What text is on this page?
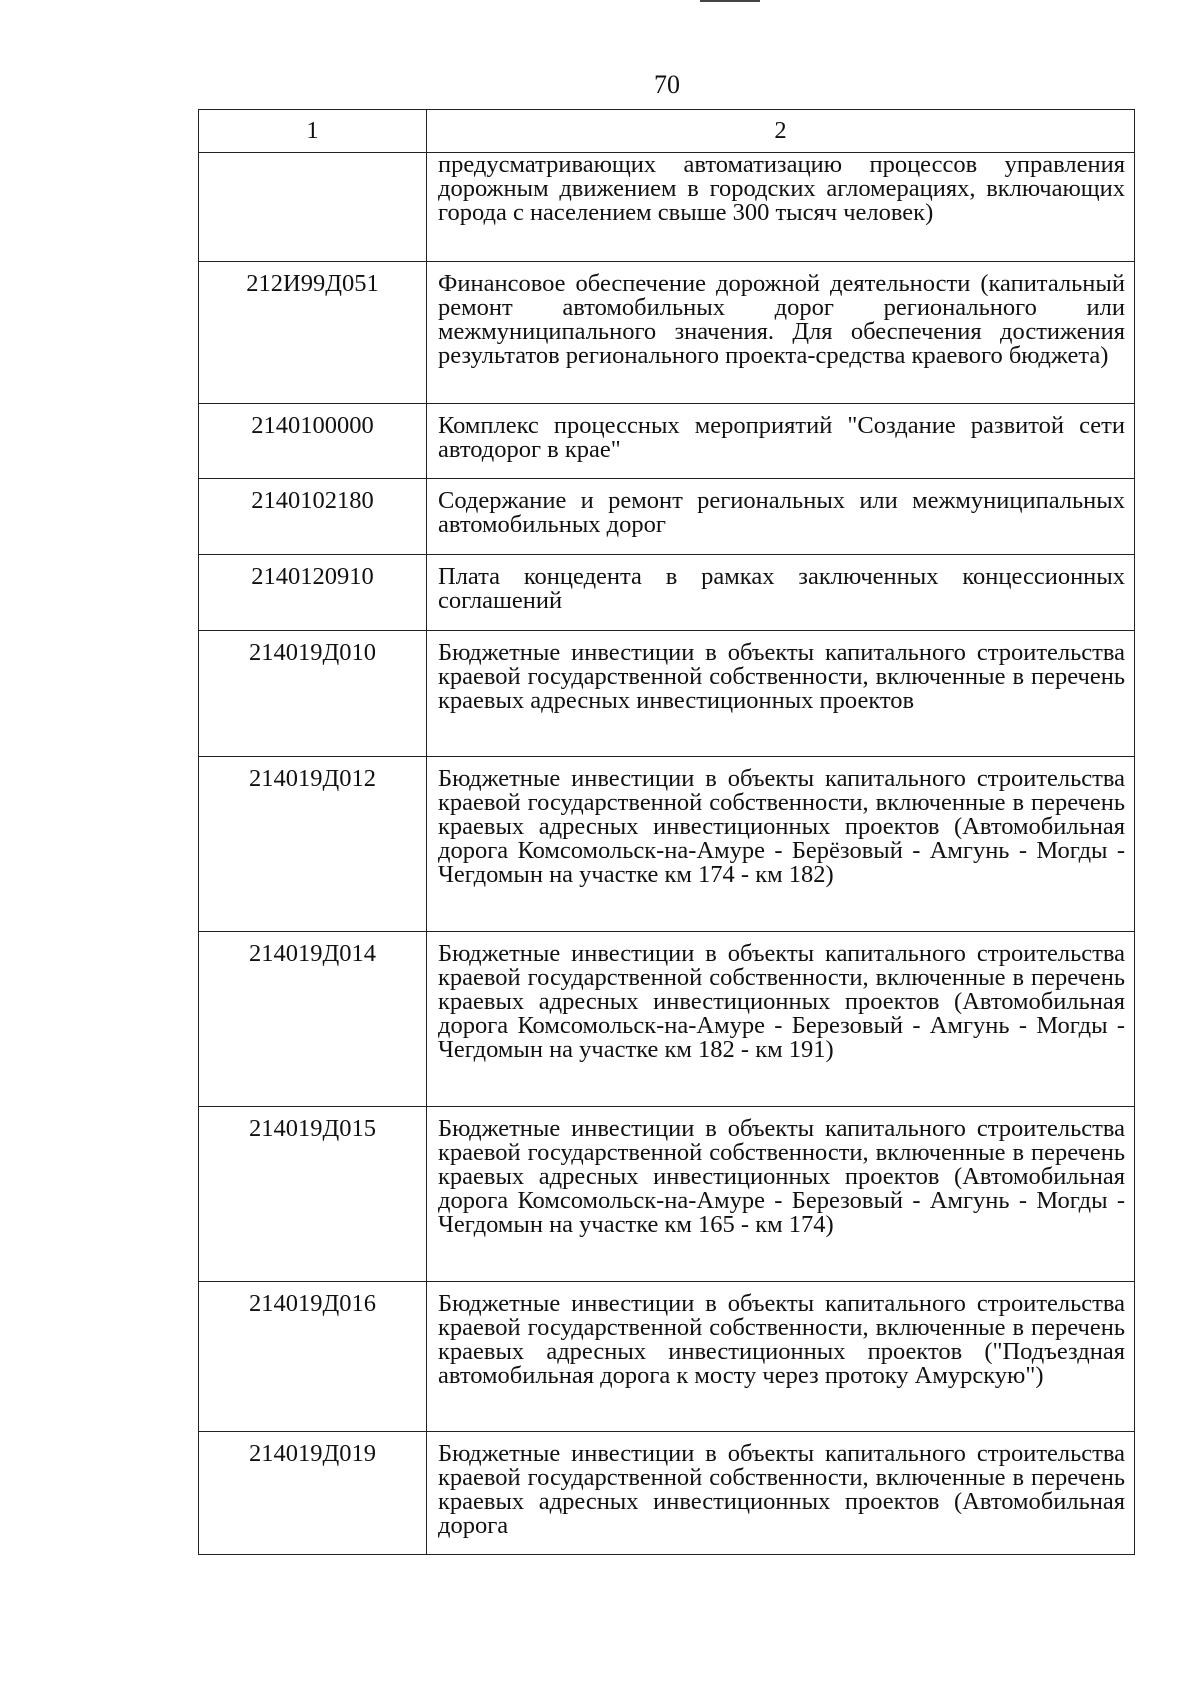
70
1	2
	предусматривающих автоматизацию процессов управления дорожным движением в городских агломерациях, включающих города с населением свыше 300 тысяч человек)
212И99Д051	Финансовое обеспечение дорожной деятельности (капитальный ремонт автомобильных дорог регионального или межмуниципального значения. Для обеспечения достижения результатов регионального проекта-средства краевого бюджета)
2140100000	Комплекс процессных мероприятий "Создание развитой сети автодорог в крае"
2140102180	Содержание и ремонт региональных или межмуниципальных автомобильных дорог
2140120910	Плата концедента в рамках заключенных концессионных соглашений
214019Д010	Бюджетные инвестиции в объекты капитального строительства краевой государственной собственности, включенные в перечень краевых адресных инвестиционных проектов
214019Д012	Бюджетные инвестиции в объекты капитального строительства краевой государственной собственности, включенные в перечень краевых адресных инвестиционных проектов (Автомобильная дорога Комсомольск-на-Амуре - Берёзовый - Амгунь - Могды - Чегдомын на участке км 174 - км 182)
214019Д014	Бюджетные инвестиции в объекты капитального строительства краевой государственной собственности, включенные в перечень краевых адресных инвестиционных проектов (Автомобильная дорога Комсомольск-на-Амуре - Березовый - Амгунь - Могды - Чегдомын на участке км 182 - км 191)
214019Д015	Бюджетные инвестиции в объекты капитального строительства краевой государственной собственности, включенные в перечень краевых адресных инвестиционных проектов (Автомобильная дорога Комсомольск-на-Амуре - Березовый - Амгунь - Могды - Чегдомын на участке км 165 - км 174)
214019Д016	Бюджетные инвестиции в объекты капитального строительства краевой государственной собственности, включенные в перечень краевых адресных инвестиционных проектов ("Подъездная автомобильная дорога к мосту через протоку Амурскую")
214019Д019	Бюджетные инвестиции в объекты капитального строительства краевой государственной собственности, включенные в перечень краевых адресных инвестиционных проектов (Автомобильная дорога
